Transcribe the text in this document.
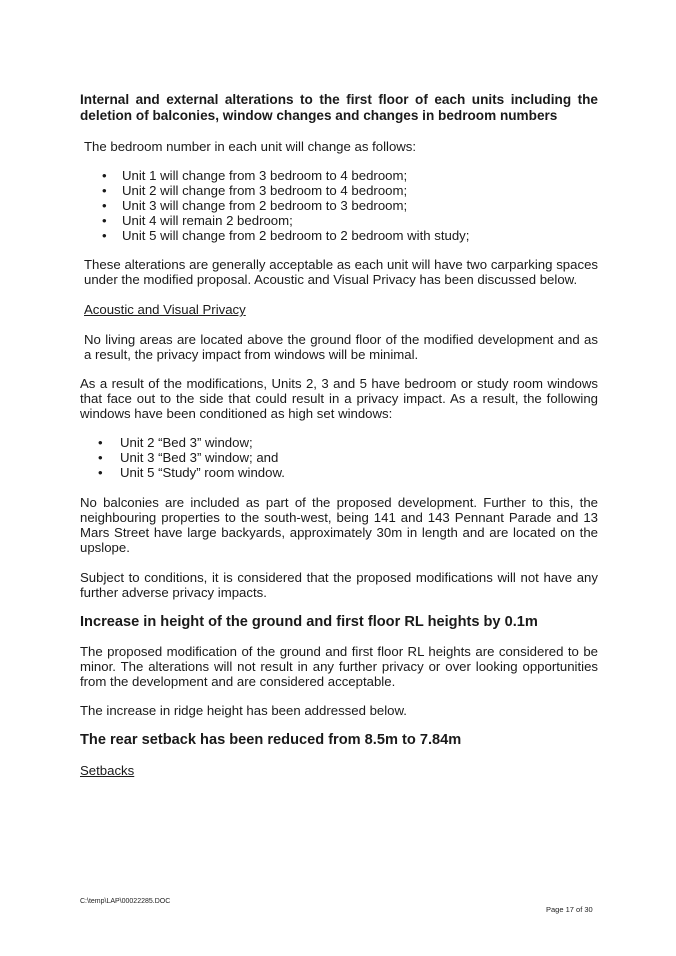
Internal and external alterations to the first floor of each units including the deletion of balconies, window changes and changes in bedroom numbers

The bedroom number in each unit will change as follows:

• Unit 1 will change from 3 bedroom to 4 bedroom;
• Unit 2 will change from 3 bedroom to 4 bedroom;
• Unit 3 will change from 2 bedroom to 3 bedroom;
• Unit 4 will remain 2 bedroom;
• Unit 5 will change from 2 bedroom to 2 bedroom with study;

These alterations are generally acceptable as each unit will have two carparking spaces under the modified proposal. Acoustic and Visual Privacy has been discussed below.

Acoustic and Visual Privacy

No living areas are located above the ground floor of the modified development and as a result, the privacy impact from windows will be minimal.

As a result of the modifications, Units 2, 3 and 5 have bedroom or study room windows that face out to the side that could result in a privacy impact. As a result, the following windows have been conditioned as high set windows:

• Unit 2 “Bed 3” window;
• Unit 3 “Bed 3” window; and
• Unit 5 “Study” room window.

No balconies are included as part of the proposed development. Further to this, the neighbouring properties to the south-west, being 141 and 143 Pennant Parade and 13 Mars Street have large backyards, approximately 30m in length and are located on the upslope.

Subject to conditions, it is considered that the proposed modifications will not have any further adverse privacy impacts.

Increase in height of the ground and first floor RL heights by 0.1m

The proposed modification of the ground and first floor RL heights are considered to be minor. The alterations will not result in any further privacy or over looking opportunities from the development and are considered acceptable.

The increase in ridge height has been addressed below.

The rear setback has been reduced from 8.5m to 7.84m

Setbacks

C:\temp\LAP\00022285.DOC
Page 17 of 30
